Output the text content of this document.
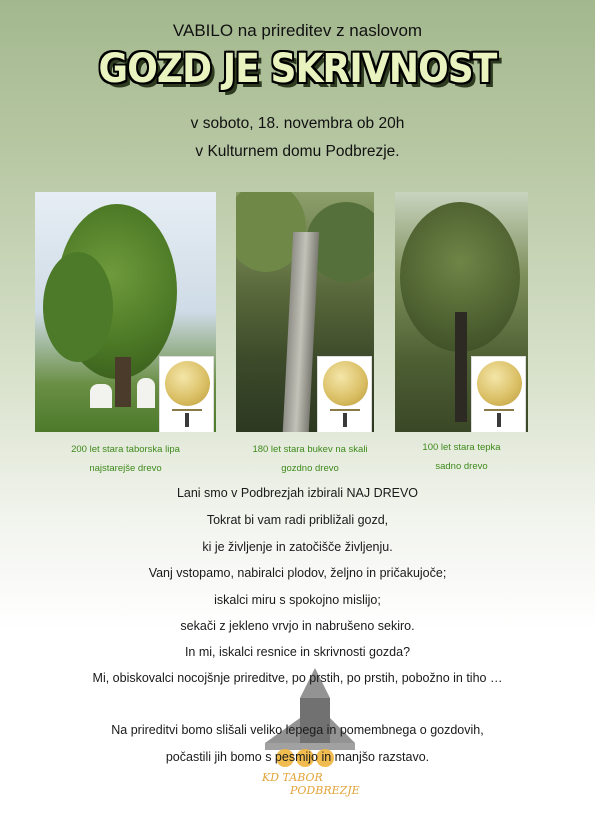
VABILO na prireditev z naslovom
GOZD JE SKRIVNOST
v soboto, 18. novembra ob 20h
v Kulturnem domu Podbrezje.
200 let stara taborska lipa
najstarejše drevo
180 let stara bukev na skali
gozdno drevo
100 let stara tepka
sadno drevo
Lani smo v Podbrezjah izbirali NAJ DREVO
Tokrat bi vam radi približali gozd,
ki je življenje in zatočišče življenju.
Vanj vstopamo, nabiralci plodov, željno in pričakujoče;
iskalci miru s spokojno mislijo;
sekači z jekleno vrvjo in nabrušeno sekiro.
In mi, iskalci resnice in skrivnosti gozda?
Mi, obiskovalci nocojšnje prireditve, po prstih, po prstih, pobožno in tiho …
Na prireditvi bomo slišali veliko lepega in pomembnega o gozdovih,
počastili jih bomo s pesmijo in manjšo razstavo.
KD TABOR
PODBREZJE
